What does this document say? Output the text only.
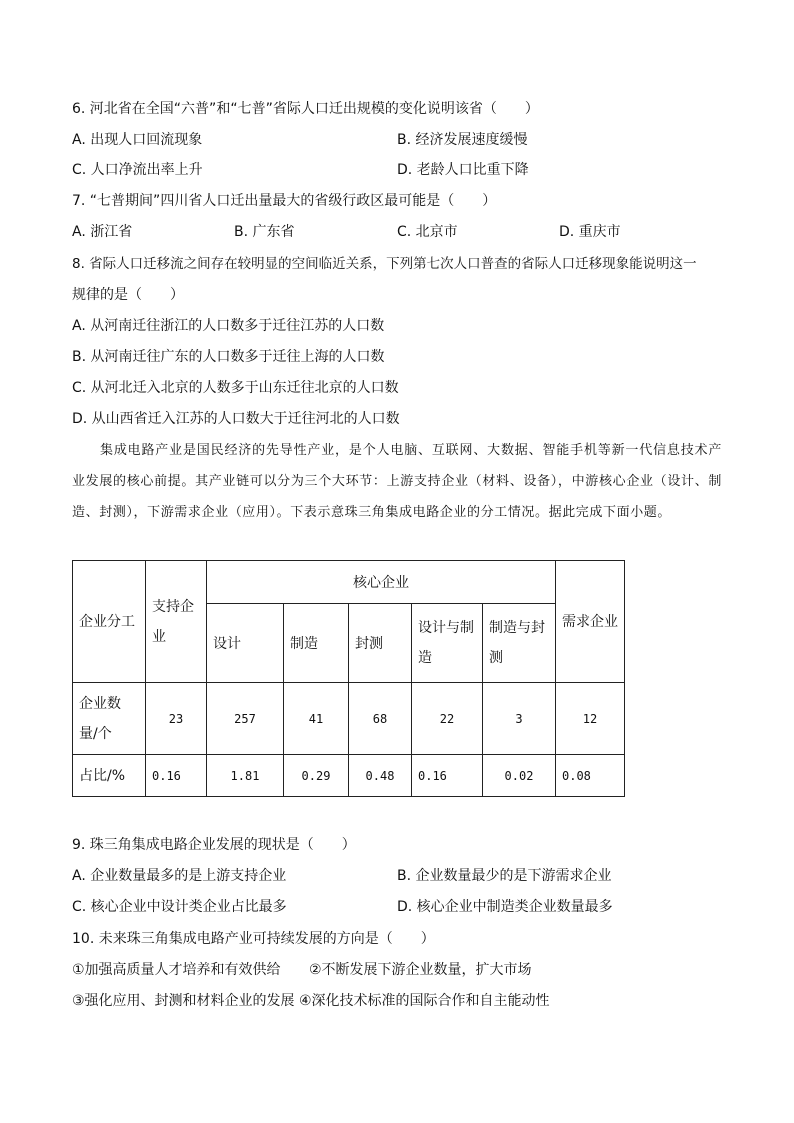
6. 河北省在全国“六普”和“七普”省际人口迁出规模的变化说明该省（　　）
A. 出现人口回流现象	B. 经济发展速度缓慢
C. 人口净流出率上升	D. 老龄人口比重下降
7. “七普期间”四川省人口迁出量最大的省级行政区最可能是（　　）
A. 浙江省	B. 广东省	C. 北京市	D. 重庆市
8. 省际人口迁移流之间存在较明显的空间临近关系，下列第七次人口普查的省际人口迁移现象能说明这一
规律的是（　　）
A. 从河南迁往浙江的人口数多于迁往江苏的人口数
B. 从河南迁往广东的人口数多于迁往上海的人口数
C. 从河北迁入北京的人数多于山东迁往北京的人口数
D. 从山西省迁入江苏的人口数大于迁往河北的人口数
集成电路产业是国民经济的先导性产业，是个人电脑、互联网、大数据、智能手机等新一代信息技术产业发展的核心前提。其产业链可以分为三个大环节：上游支持企业（材料、设备），中游核心企业（设计、制造、封测），下游需求企业（应用）。下表示意珠三角集成电路企业的分工情况。据此完成下面小题。
企业分工	支持企业	核心企业					需求企业
		设计	制造	封测	设计与制造	制造与封测	
企业数量/个	23	257	41	68	22	3	12
占比/%	0.16	1.81	0.29	0.48	0.16	0.02	0.08
9. 珠三角集成电路企业发展的现状是（　　）
A. 企业数量最多的是上游支持企业	B. 企业数量最少的是下游需求企业
C. 核心企业中设计类企业占比最多	D. 核心企业中制造类企业数量最多
10. 未来珠三角集成电路产业可持续发展的方向是（　　）
①加强高质量人才培养和有效供给 ②不断发展下游企业数量，扩大市场
③强化应用、封测和材料企业的发展 ④深化技术标准的国际合作和自主能动性
